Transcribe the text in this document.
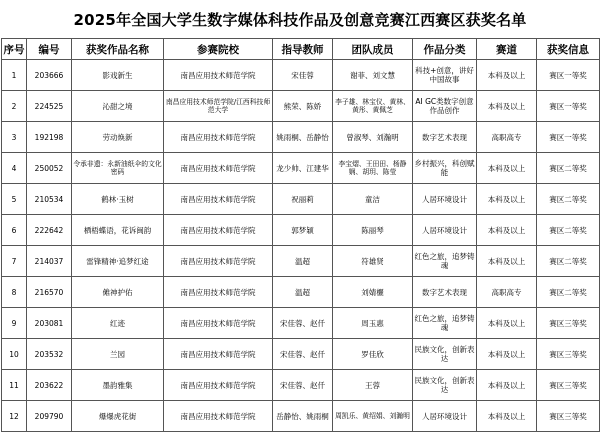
2025年全国大学生数字媒体科技作品及创意竞赛江西赛区获奖名单
序号	编号	获奖作品名称	参赛院校	指导教师	团队成员	作品分类	赛道	获奖信息
1	203666	影戏新生	南昌应用技术师范学院	宋佳蓉	谢菲、刘文慧	科技+创意，讲好中国故事	本科及以上	赛区一等奖
2	224525	沁甜之境	南昌应用技术师范学院/江西科技师范大学	熊荣、陈娇	李子雄、林宝仪、黄林、黄彤、黄佩芝	AI GC类数字创意作品创作	本科及以上	赛区一等奖
3	192198	劳动焕新	南昌应用技术师范学院	姚雨桐、岳静怡	曾淑琴、刘瀚明	数字艺术表现	高职高专	赛区一等奖
4	250052	令承非遗：永新油纸伞的文化密码	南昌应用技术师范学院	龙少帅、江建华	李宝熠、王田田、杨静娴、胡玥、陈莹	乡村振兴，科创赋能	本科及以上	赛区二等奖
5	210534	鹤林·玉树	南昌应用技术师范学院	祝丽莉	童洁	人居环境设计	本科及以上	赛区二等奖
6	222642	栖梧蝶语，花诉闽韵	南昌应用技术师范学院	郭梦颖	陈丽琴	人居环境设计	本科及以上	赛区二等奖
7	214037	雷锋精神·追梦红途	南昌应用技术师范学院	温超	符雄贤	红色之旅，追梦铸魂	本科及以上	赛区二等奖
8	216570	傩神护佑	南昌应用技术师范学院	温超	刘婧欐	数字艺术表现	高职高专	赛区二等奖
9	203081	红迹	南昌应用技术师范学院	宋佳蓉、赵仟	周玉惠	红色之旅，追梦铸魂	本科及以上	赛区三等奖
10	203532	兰园	南昌应用技术师范学院	宋佳蓉、赵仟	罗佳欣	民族文化，创新表达	本科及以上	赛区三等奖
11	203622	墨韵雅集	南昌应用技术师范学院	宋佳蓉、赵仟	王蓉	民族文化，创新表达	本科及以上	赛区三等奖
12	209790	爆爆虎花街	南昌应用技术师范学院	岳静怡、姚雨桐	周凯乐、黄绍娟、刘瀚明	人居环境设计	本科及以上	赛区三等奖
